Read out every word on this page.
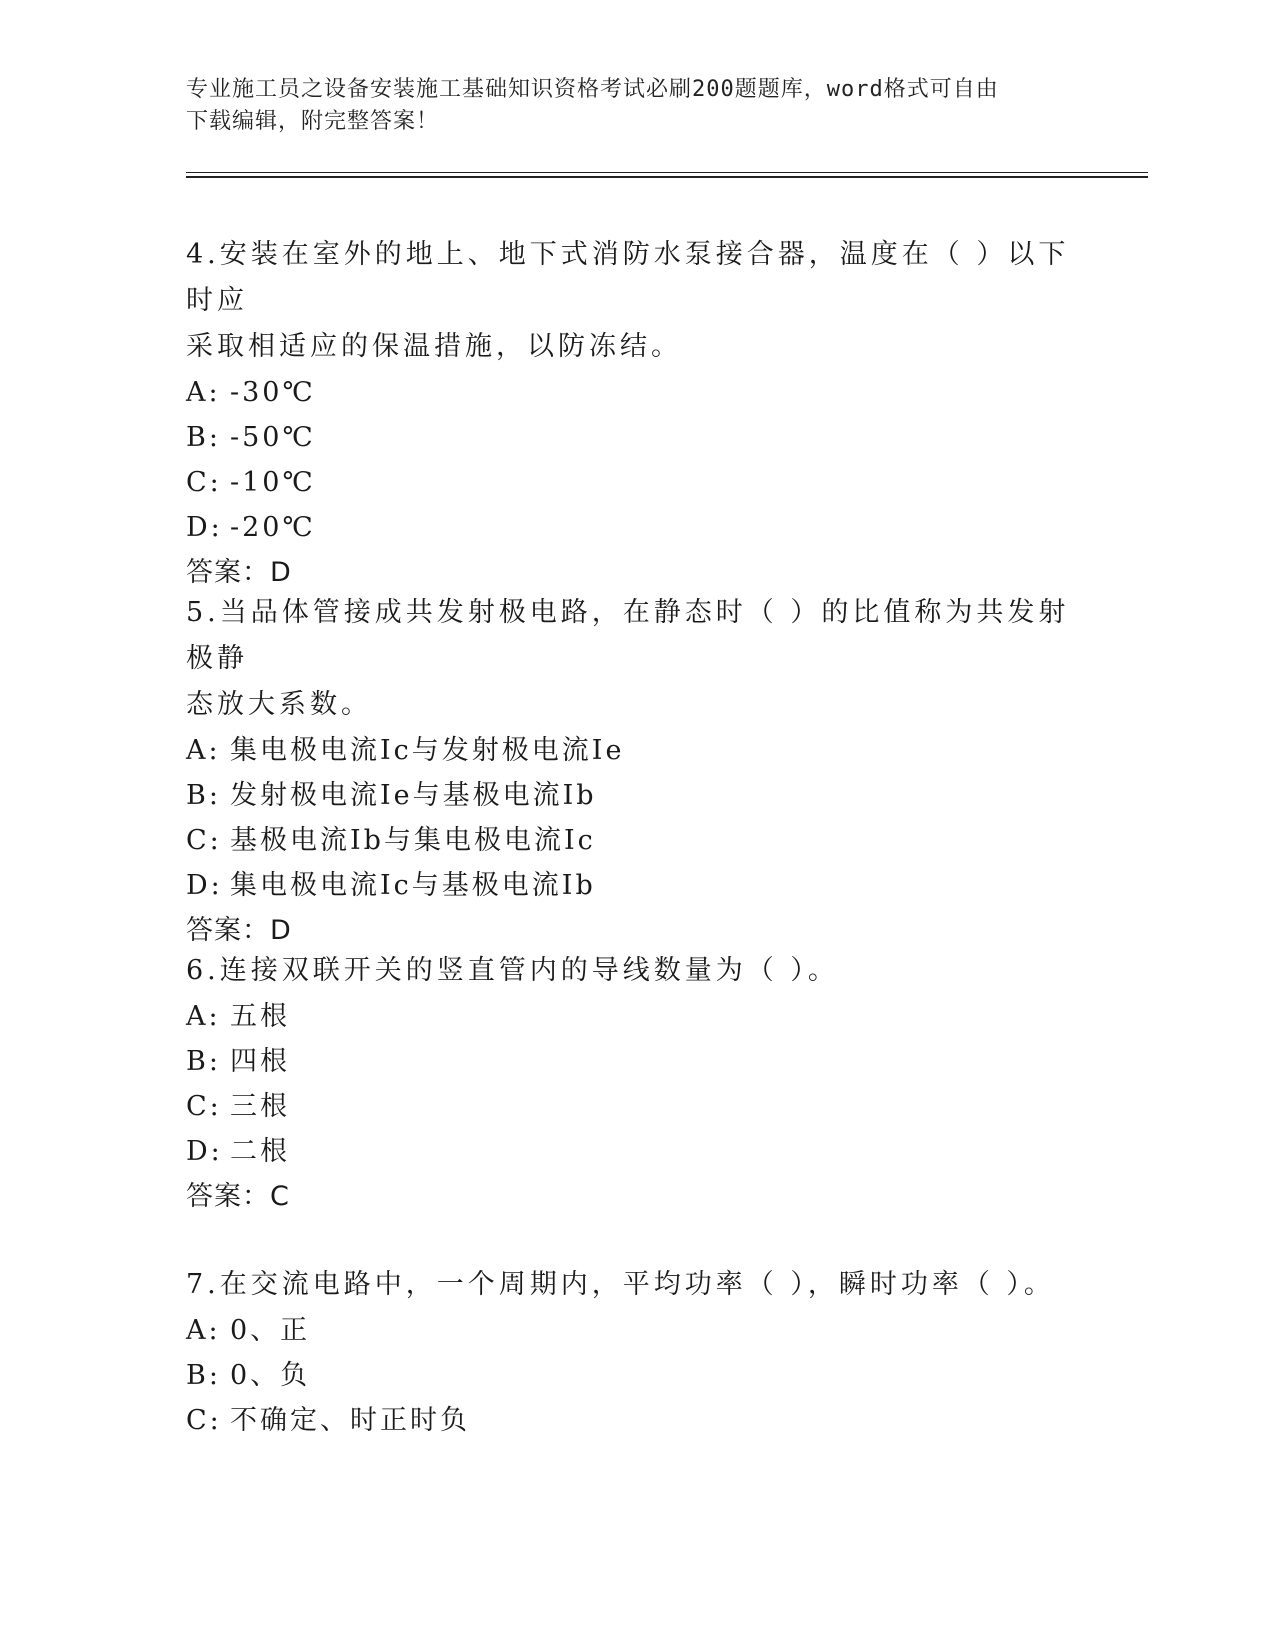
专业施工员之设备安装施工基础知识资格考试必刷200题题库，word格式可自由
下载编辑，附完整答案！

4.安装在室外的地上、地下式消防水泵接合器，温度在（ ）以下时应

采取相适应的保温措施，以防冻结。

A: -30℃

B: -50℃

C: -10℃

D: -20℃

答案：D

5.当品体管接成共发射极电路，在静态时（ ）的比值称为共发射极静

态放大系数。

A: 集电极电流Ic与发射极电流Ie

B: 发射极电流Ie与基极电流Ib

C: 基极电流Ib与集电极电流Ic

D: 集电极电流Ic与基极电流Ib

答案：D

6.连接双联开关的竖直管内的导线数量为（ ）。

A: 五根

B: 四根

C: 三根

D: 二根

答案：C

7.在交流电路中，一个周期内，平均功率（ ），瞬时功率（ ）。

A: 0、正

B: 0、负

C: 不确定、时正时负
